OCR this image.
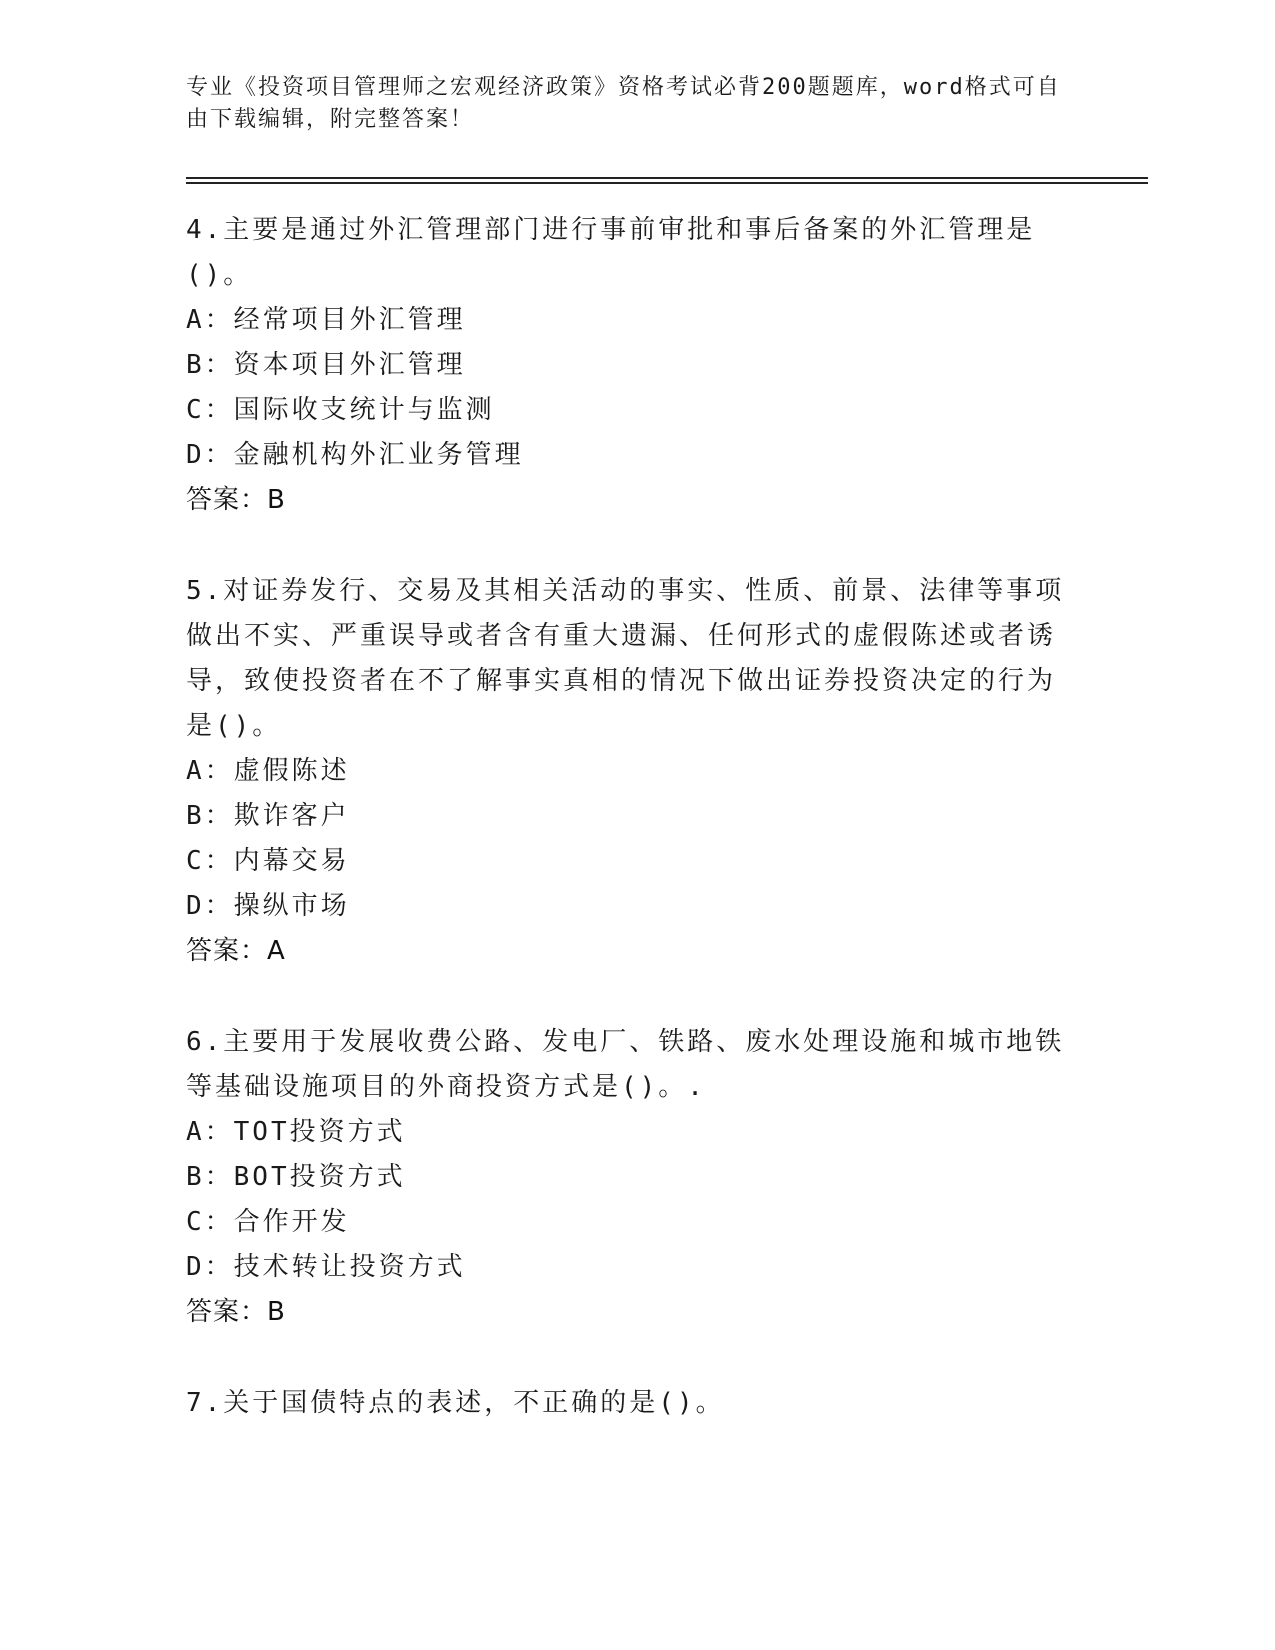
专业《投资项目管理师之宏观经济政策》资格考试必背200题题库，word格式可自由下载编辑，附完整答案！

4.主要是通过外汇管理部门进行事前审批和事后备案的外汇管理是()。

A：经常项目外汇管理

B：资本项目外汇管理

C：国际收支统计与监测

D：金融机构外汇业务管理

答案：B

5.对证券发行、交易及其相关活动的事实、性质、前景、法律等事项做出不实、严重误导或者含有重大遗漏、任何形式的虚假陈述或者诱导，致使投资者在不了解事实真相的情况下做出证券投资决定的行为是()。

A：虚假陈述

B：欺诈客户

C：内幕交易

D：操纵市场

答案：A

6.主要用于发展收费公路、发电厂、铁路、废水处理设施和城市地铁等基础设施项目的外商投资方式是()。.

A：TOT投资方式

B：BOT投资方式

C：合作开发

D：技术转让投资方式

答案：B

7.关于国债特点的表述，不正确的是()。
